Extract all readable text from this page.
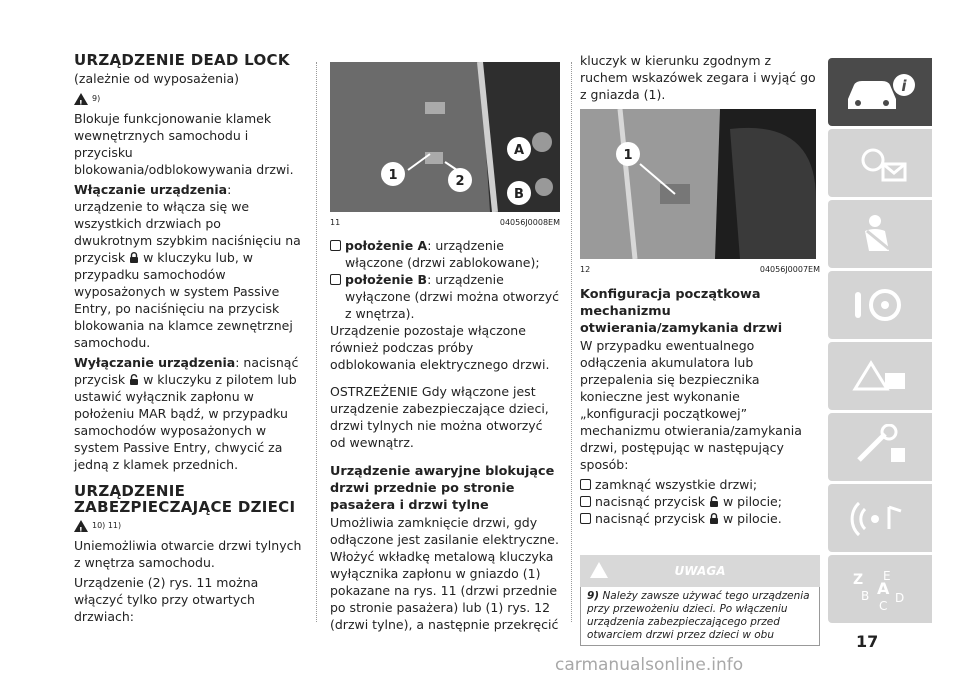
URZĄDZENIE DEAD LOCK

(zależnie od wyposażenia)

!
9)

Blokuje funkcjonowanie klamek wewnętrznych samochodu i przycisku blokowania/odblokowywania drzwi.

Włączanie urządzenia: urządzenie to włącza się we wszystkich drzwiach po dwukrotnym szybkim naciśnięciu na przycisk w kluczyku lub, w przypadku samochodów wyposażonych w system Passive Entry, po naciśnięciu na przycisk blokowania na klamce zewnętrznej samochodu.

Wyłączanie urządzenia: nacisnąć przycisk w kluczyku z pilotem lub ustawić wyłącznik zapłonu w położeniu MAR bądź, w przypadku samochodów wyposażonych w system Passive Entry, chwycić za jedną z klamek przednich.

URZĄDZENIE ZABEZPIECZAJĄCE DZIECI
!
10) 11)

Uniemożliwia otwarcie drzwi tylnych z wnętrza samochodu.

Urządzenie (2) rys. 11 można włączyć tylko przy otwartych drzwiach:

1	2
A
B
11	04056J0008EM
położenie A: urządzenie włączone (drzwi zablokowane);
położenie B: urządzenie wyłączone (drzwi można otworzyć z wnętrza).

Urządzenie pozostaje włączone również podczas próby odblokowania elektrycznego drzwi.

OSTRZEŻENIE Gdy włączone jest urządzenie zabezpieczające dzieci, drzwi tylnych nie można otworzyć od wewnątrz.

Urządzenie awaryjne blokujące drzwi przednie po stronie pasażera i drzwi tylne

Umożliwia zamknięcie drzwi, gdy odłączone jest zasilanie elektryczne. Włożyć wkładkę metalową kluczyka wyłącznika zapłonu w gniazdo (1) pokazane na rys. 11 (drzwi przednie po stronie pasażera) lub (1) rys. 12 (drzwi tylne), a następnie przekręcić

kluczyk w kierunku zgodnym z ruchem wskazówek zegara i wyjąć go z gniazda (1).

1
12	04056J0007EM
Konfiguracja początkowa mechanizmu otwierania/zamykania drzwi

W przypadku ewentualnego odłączenia akumulatora lub przepalenia się bezpiecznika konieczne jest wykonanie „konfiguracji początkowej” mechanizmu otwierania/zamykania drzwi, postępując w następujący sposób:

zamknąć wszystkie drzwi;
nacisnąć przycisk w pilocie;
nacisnąć przycisk w pilocie.
UWAGA
9) Należy zawsze używać tego urządzenia przy przewożeniu dzieci. Po włączeniu urządzenia zabezpieczającego przed otwarciem drzwi przez dzieci w obu
i
Z E
B A D
C
17
carmanualsonline.info
